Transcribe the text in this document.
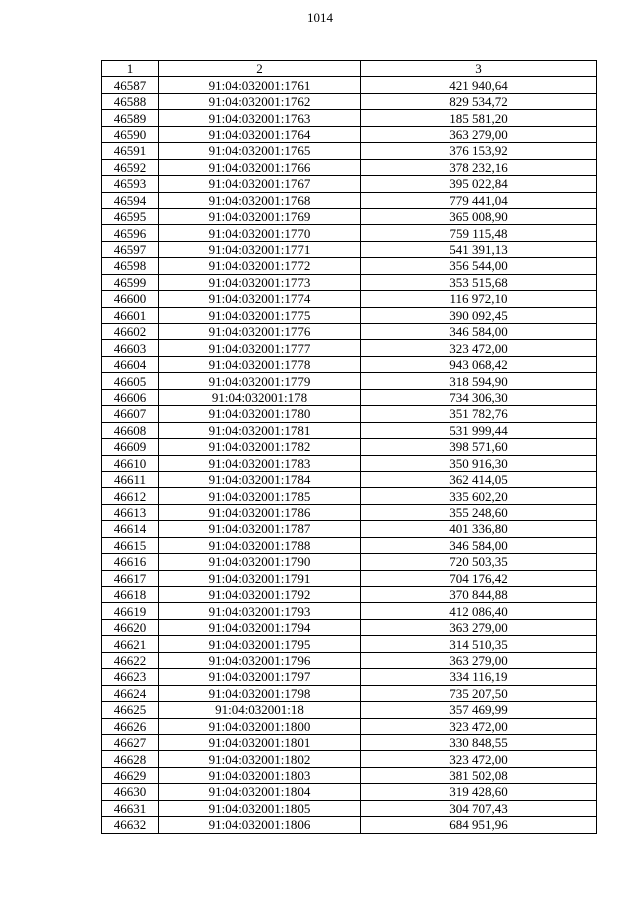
1014
1	2	3
46587	91:04:032001:1761	421 940,64
46588	91:04:032001:1762	829 534,72
46589	91:04:032001:1763	185 581,20
46590	91:04:032001:1764	363 279,00
46591	91:04:032001:1765	376 153,92
46592	91:04:032001:1766	378 232,16
46593	91:04:032001:1767	395 022,84
46594	91:04:032001:1768	779 441,04
46595	91:04:032001:1769	365 008,90
46596	91:04:032001:1770	759 115,48
46597	91:04:032001:1771	541 391,13
46598	91:04:032001:1772	356 544,00
46599	91:04:032001:1773	353 515,68
46600	91:04:032001:1774	116 972,10
46601	91:04:032001:1775	390 092,45
46602	91:04:032001:1776	346 584,00
46603	91:04:032001:1777	323 472,00
46604	91:04:032001:1778	943 068,42
46605	91:04:032001:1779	318 594,90
46606	91:04:032001:178	734 306,30
46607	91:04:032001:1780	351 782,76
46608	91:04:032001:1781	531 999,44
46609	91:04:032001:1782	398 571,60
46610	91:04:032001:1783	350 916,30
46611	91:04:032001:1784	362 414,05
46612	91:04:032001:1785	335 602,20
46613	91:04:032001:1786	355 248,60
46614	91:04:032001:1787	401 336,80
46615	91:04:032001:1788	346 584,00
46616	91:04:032001:1790	720 503,35
46617	91:04:032001:1791	704 176,42
46618	91:04:032001:1792	370 844,88
46619	91:04:032001:1793	412 086,40
46620	91:04:032001:1794	363 279,00
46621	91:04:032001:1795	314 510,35
46622	91:04:032001:1796	363 279,00
46623	91:04:032001:1797	334 116,19
46624	91:04:032001:1798	735 207,50
46625	91:04:032001:18	357 469,99
46626	91:04:032001:1800	323 472,00
46627	91:04:032001:1801	330 848,55
46628	91:04:032001:1802	323 472,00
46629	91:04:032001:1803	381 502,08
46630	91:04:032001:1804	319 428,60
46631	91:04:032001:1805	304 707,43
46632	91:04:032001:1806	684 951,96
